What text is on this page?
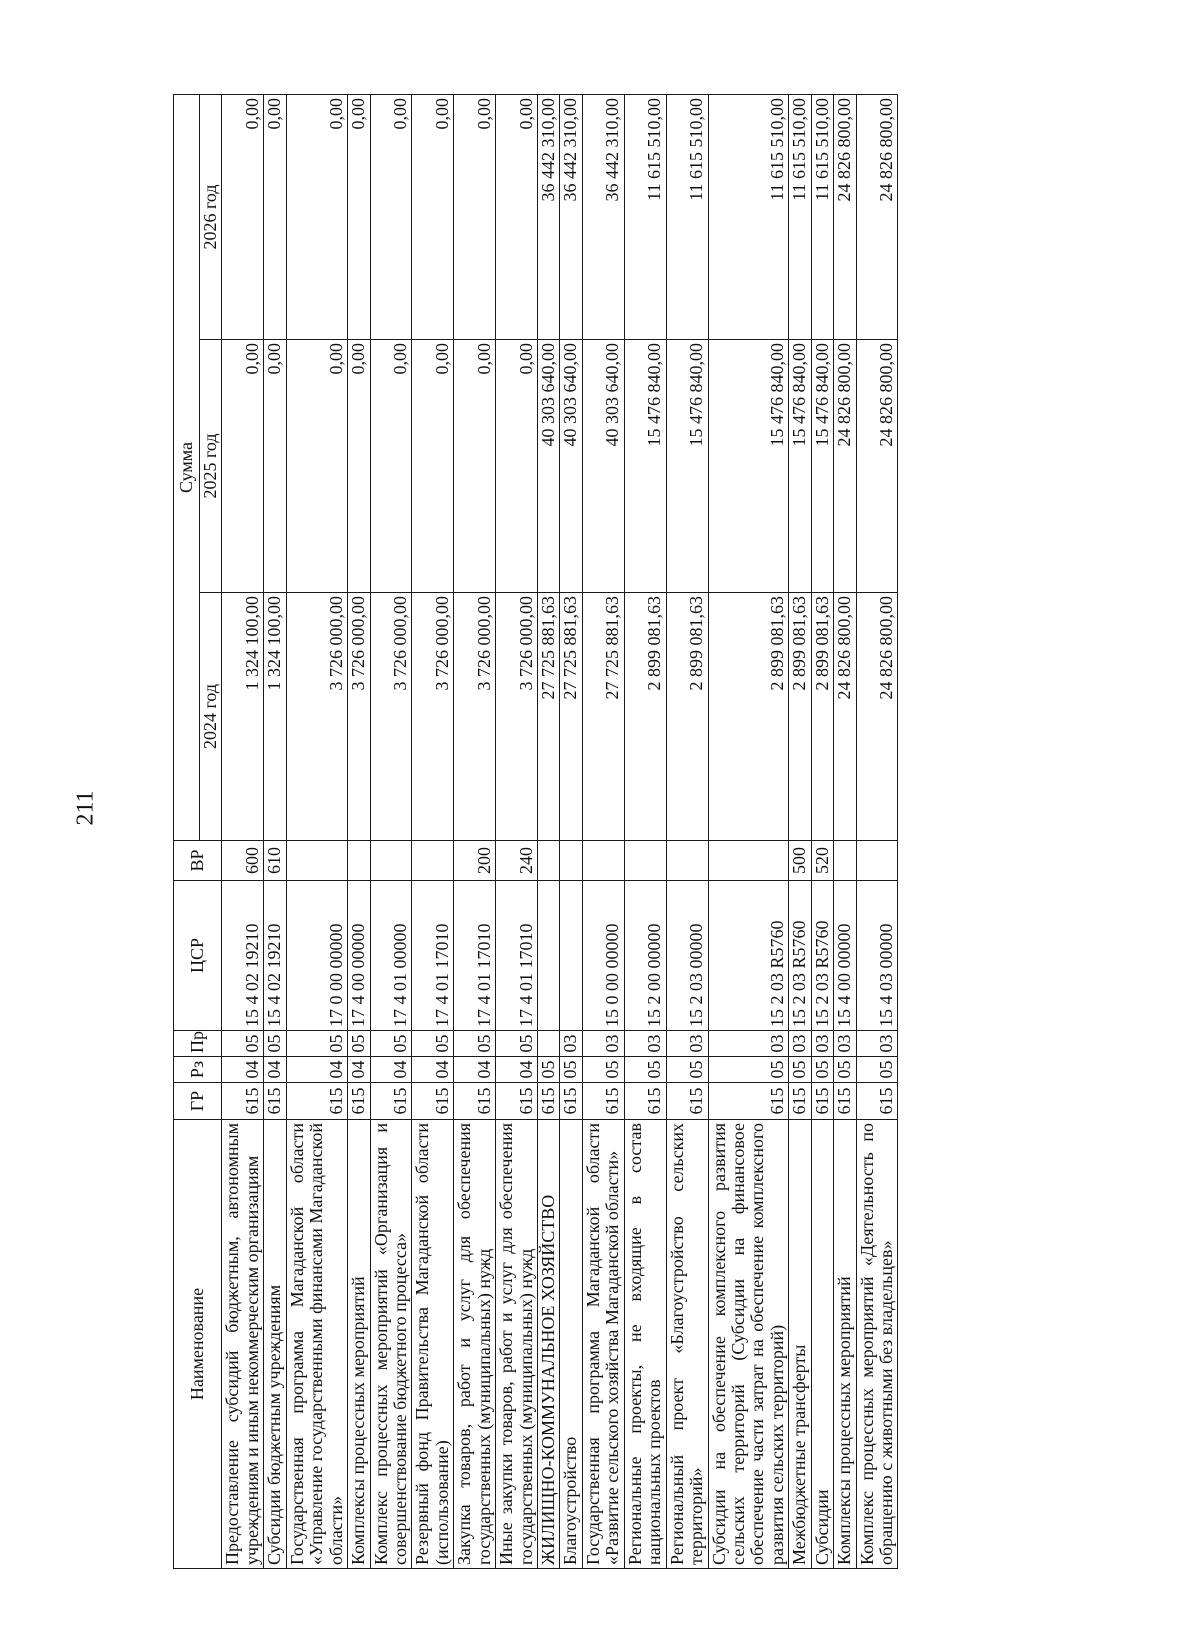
211
Наименование	ГР	Рз	Пр	ЦСР	ВР	Сумма		
						2024 год	2025 год	2026 год
Предоставление субсидий бюджетным, автономным учреждениям и иным некоммерческим организациям	615	04	05	15 4 02 19210	600	1 324 100,00	0,00	0,00
Субсидии бюджетным учреждениям	615	04	05	15 4 02 19210	610	1 324 100,00	0,00	0,00
Государственная программа Магаданской области «Управление государственными финансами Магаданской области»	615	04	05	17 0 00 00000		3 726 000,00	0,00	0,00
Комплексы процессных мероприятий	615	04	05	17 4 00 00000		3 726 000,00	0,00	0,00
Комплекс процессных мероприятий «Организация и совершенствование бюджетного процесса»	615	04	05	17 4 01 00000		3 726 000,00	0,00	0,00
Резервный фонд Правительства Магаданской области (использование)	615	04	05	17 4 01 17010		3 726 000,00	0,00	0,00
Закупка товаров, работ и услуг для обеспечения государственных (муниципальных) нужд	615	04	05	17 4 01 17010	200	3 726 000,00	0,00	0,00
Иные закупки товаров, работ и услуг для обеспечения государственных (муниципальных) нужд	615	04	05	17 4 01 17010	240	3 726 000,00	0,00	0,00
ЖИЛИЩНО-КОММУНАЛЬНОЕ ХОЗЯЙСТВО	615	05				27 725 881,63	40 303 640,00	36 442 310,00
Благоустройство	615	05	03			27 725 881,63	40 303 640,00	36 442 310,00
Государственная программа Магаданской области «Развитие сельского хозяйства Магаданской области»	615	05	03	15 0 00 00000		27 725 881,63	40 303 640,00	36 442 310,00
Региональные проекты, не входящие в состав национальных проектов	615	05	03	15 2 00 00000		2 899 081,63	15 476 840,00	11 615 510,00
Региональный проект «Благоустройство сельских территорий»	615	05	03	15 2 03 00000		2 899 081,63	15 476 840,00	11 615 510,00
Субсидии на обеспечение комплексного развития сельских территорий (Субсидии на финансовое обеспечение части затрат на обеспечение комплексного развития сельских территорий)	615	05	03	15 2 03 R5760		2 899 081,63	15 476 840,00	11 615 510,00
Межбюджетные трансферты	615	05	03	15 2 03 R5760	500	2 899 081,63	15 476 840,00	11 615 510,00
Субсидии	615	05	03	15 2 03 R5760	520	2 899 081,63	15 476 840,00	11 615 510,00
Комплексы процессных мероприятий	615	05	03	15 4 00 00000		24 826 800,00	24 826 800,00	24 826 800,00
Комплекс процессных мероприятий «Деятельность по обращению с животными без владельцев»	615	05	03	15 4 03 00000		24 826 800,00	24 826 800,00	24 826 800,00
